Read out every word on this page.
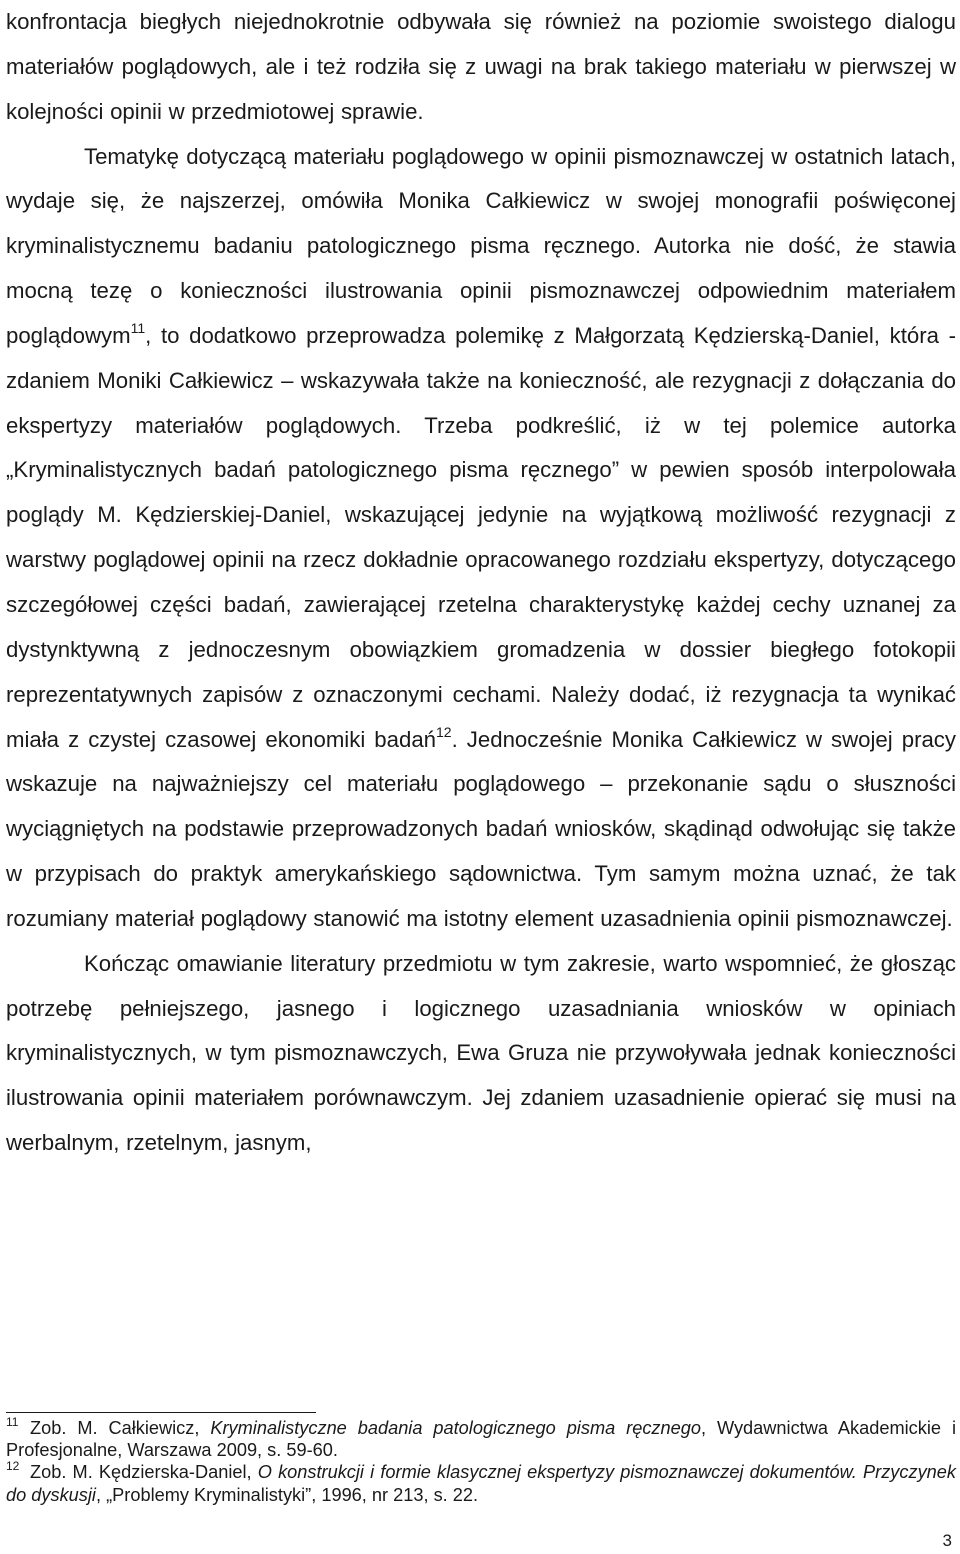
konfrontacja biegłych niejednokrotnie odbywała się również na poziomie swoistego dialogu materiałów poglądowych, ale i też rodziła się z uwagi na brak takiego materiału w pierwszej w kolejności opinii w przedmiotowej sprawie.

Tematykę dotyczącą materiału poglądowego w opinii pismoznawczej w ostatnich latach, wydaje się, że najszerzej, omówiła Monika Całkiewicz w swojej monografii poświęconej kryminalistycznemu badaniu patologicznego pisma ręcznego. Autorka nie dość, że stawia mocną tezę o konieczności ilustrowania opinii pismoznawczej odpowiednim materiałem poglądowym$^{11}$, to dodatkowo przeprowadza polemikę z Małgorzatą Kędzierską-Daniel, która - zdaniem Moniki Całkiewicz – wskazywała także na konieczność, ale rezygnacji z dołączania do ekspertyzy materiałów poglądowych. Trzeba podkreślić, iż w tej polemice autorka „Kryminalistycznych badań patologicznego pisma ręcznego” w pewien sposób interpolowała poglądy M. Kędzierskiej-Daniel, wskazującej jedynie na wyjątkową możliwość rezygnacji z warstwy poglądowej opinii na rzecz dokładnie opracowanego rozdziału ekspertyzy, dotyczącego szczegółowej części badań, zawierającej rzetelna charakterystykę każdej cechy uznanej za dystynktywną z jednoczesnym obowiązkiem gromadzenia w dossier biegłego fotokopii reprezentatywnych zapisów z oznaczonymi cechami. Należy dodać, iż rezygnacja ta wynikać miała z czystej czasowej ekonomiki badań$^{12}$. Jednocześnie Monika Całkiewicz w swojej pracy wskazuje na najważniejszy cel materiału poglądowego – przekonanie sądu o słuszności wyciągniętych na podstawie przeprowadzonych badań wniosków, skądinąd odwołując się także w przypisach do praktyk amerykańskiego sądownictwa. Tym samym można uznać, że tak rozumiany materiał poglądowy stanowić ma istotny element uzasadnienia opinii pismoznawczej.

Kończąc omawianie literatury przedmiotu w tym zakresie, warto wspomnieć, że głosząc potrzebę pełniejszego, jasnego i logicznego uzasadniania wniosków w opiniach kryminalistycznych, w tym pismoznawczych, Ewa Gruza nie przywoływała jednak konieczności ilustrowania opinii materiałem porównawczym. Jej zdaniem uzasadnienie opierać się musi na werbalnym, rzetelnym, jasnym,

$^{11}$ Zob. M. Całkiewicz, Kryminalistyczne badania patologicznego pisma ręcznego, Wydawnictwa Akademickie i Profesjonalne, Warszawa 2009, s. 59-60.

$^{12}$ Zob. M. Kędzierska-Daniel, O konstrukcji i formie klasycznej ekspertyzy pismoznawczej dokumentów. Przyczynek do dyskusji, „Problemy Kryminalistyki”, 1996, nr 213, s. 22.

3
